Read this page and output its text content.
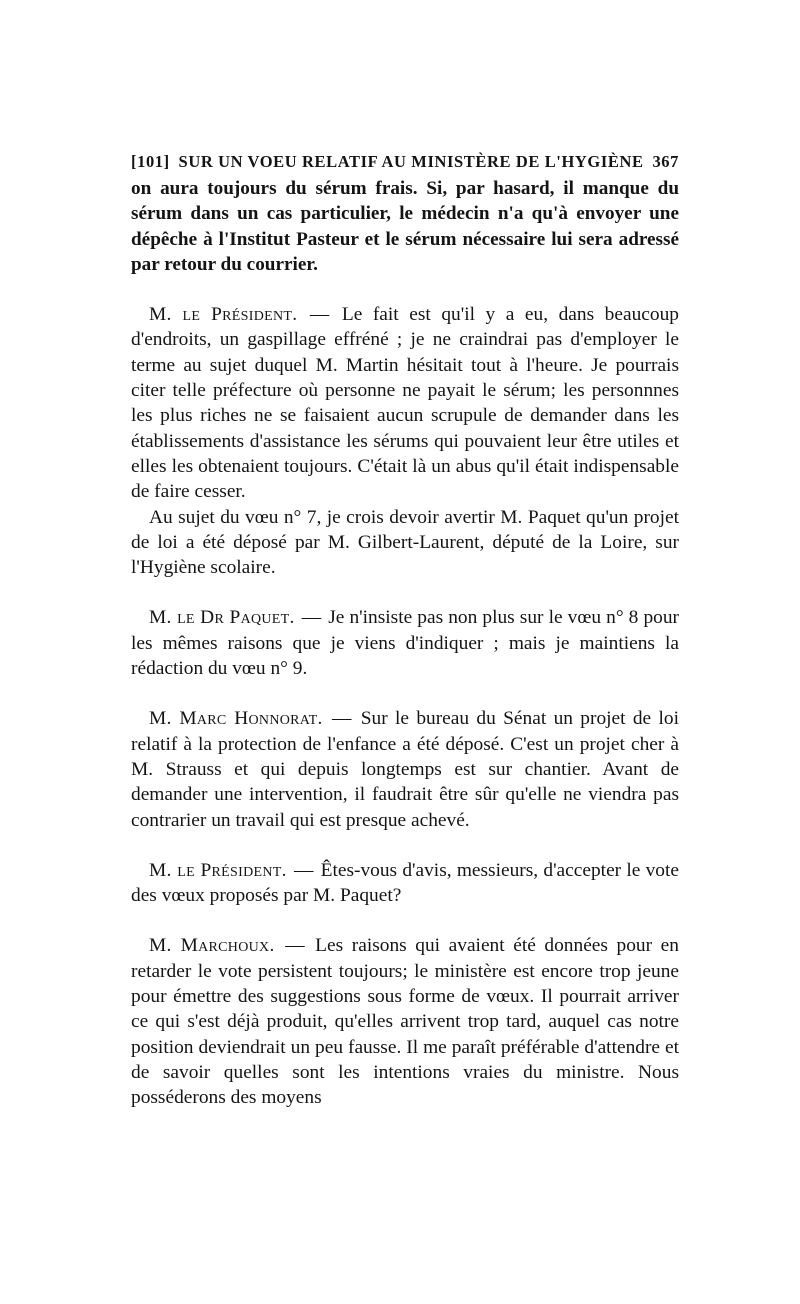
[101] SUR UN VOEU RELATIF AU MINISTÈRE DE L'HYGIÈNE 367

on aura toujours du sérum frais. Si, par hasard, il manque du sérum dans un cas particulier, le médecin n'a qu'à envoyer une dépêche à l'Institut Pasteur et le sérum nécessaire lui sera adressé par retour du courrier.

M. le Président. — Le fait est qu'il y a eu, dans beaucoup d'endroits, un gaspillage effréné ; je ne craindrai pas d'employer le terme au sujet duquel M. Martin hésitait tout à l'heure. Je pourrais citer telle préfecture où personne ne payait le sérum; les personnnes les plus riches ne se faisaient aucun scrupule de demander dans les établissements d'assistance les sérums qui pouvaient leur être utiles et elles les obtenaient toujours. C'était là un abus qu'il était indispensable de faire cesser.

Au sujet du vœu n° 7, je crois devoir avertir M. Paquet qu'un projet de loi a été déposé par M. Gilbert-Laurent, député de la Loire, sur l'Hygiène scolaire.

M. le Dr Paquet. — Je n'insiste pas non plus sur le vœu n° 8 pour les mêmes raisons que je viens d'indiquer ; mais je maintiens la rédaction du vœu n° 9.

M. Marc Honnorat. — Sur le bureau du Sénat un projet de loi relatif à la protection de l'enfance a été déposé. C'est un projet cher à M. Strauss et qui depuis longtemps est sur chantier. Avant de demander une intervention, il faudrait être sûr qu'elle ne viendra pas contrarier un travail qui est presque achevé.

M. le Président. — Êtes-vous d'avis, messieurs, d'accepter le vote des vœux proposés par M. Paquet?

M. Marchoux. — Les raisons qui avaient été données pour en retarder le vote persistent toujours; le ministère est encore trop jeune pour émettre des suggestions sous forme de vœux. Il pourrait arriver ce qui s'est déjà produit, qu'elles arrivent trop tard, auquel cas notre position deviendrait un peu fausse. Il me paraît préférable d'attendre et de savoir quelles sont les intentions vraies du ministre. Nous posséderons des moyens
